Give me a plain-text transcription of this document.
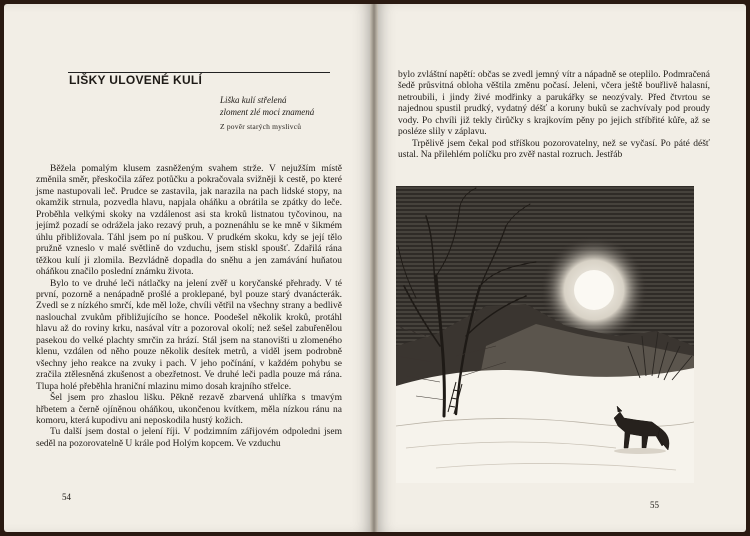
LIŠKY ULOVENÉ KULÍ
Liška kulí střelená
zloment zlé moci znamená
Z pověr starých myslivců

Běžela pomalým klusem zasněženým svahem strže. V nejužším místě změnila směr, přeskočila zářez potůčku a pokračovala svižněji k cestě, po které jsme nastupovali leč. Prudce se zastavila, jak narazila na pach lidské stopy, na okamžik strnula, pozvedla hlavu, napjala oháňku a obrátila se zpátky do leče. Proběhla velkými skoky na vzdálenost asi sta kroků listnatou tyčovinou, na jejímž pozadí se odrážela jako rezavý pruh, a poznenáhlu se ke mně v šikmém úhlu přibližovala. Táhl jsem po ní puškou. V prudkém skoku, kdy se její tělo pružně vzneslo v malé světlině do vzduchu, jsem stiskl spoušť. Zdařilá rána těžkou kulí ji zlomila. Bezvládně dopadla do sněhu a jen zamávání huňatou oháňkou značilo poslední známku života.

Bylo to ve druhé leči nátlačky na jelení zvěř u koryčanské přehrady. V té první, pozorně a nenápadně prošlé a proklepané, byl pouze starý dvanácterák. Zvedl se z nízkého smrčí, kde měl lože, chvíli větřil na všechny strany a bedlivě naslouchal zvukům přibližujícího se honce. Poodešel několik kroků, protáhl hlavu až do roviny krku, nasával vítr a pozoroval okolí; než sešel zabuřenělou pasekou do velké plachty smrčin za hrází. Stál jsem na stanovišti u zlomeného klenu, vzdálen od něho pouze několik desítek metrů, a viděl jsem podrobně všechny jeho reakce na zvuky i pach. V jeho počínání, v každém pohybu se zračila ztělesněná zkušenost a obezřetnost. Ve druhé leči padla pouze má rána. Tlupa holé přeběhla hraniční mlazinu mimo dosah krajního střelce.

Šel jsem pro zhaslou lišku. Pěkně rezavě zbarvená uhlířka s tmavým hřbetem a černě ojíněnou oháňkou, ukončenou kvítkem, měla nízkou ránu na komoru, která kupodivu ani neposkodila hustý kožich.

Tu další jsem dostal o jelení říji. V podzimním zářijovém odpoledni jsem seděl na pozorovatelně U krále pod Holým kopcem. Ve vzduchu

54

bylo zvláštní napětí: občas se zvedl jemný vítr a nápadně se oteplilo. Podmračená šedě průsvitná obloha věštila změnu počasí. Jeleni, včera ještě bouřlivě halasní, netroubili, i jindy živé modřinky a parukářky se neozývaly. Před čtvrtou se najednou spustil prudký, vydatný déšť a koruny buků se zachvívaly pod proudy vody. Po chvíli již tekly čirůčky s krajkovím pěny po jejich stříbřité kůře, až se posléze slily v záplavu.

Trpělivě jsem čekal pod stříškou pozorovatelny, než se vyčasí. Po páté déšť ustal. Na přilehlém políčku pro zvěř nastal rozruch. Jestřáb

55
